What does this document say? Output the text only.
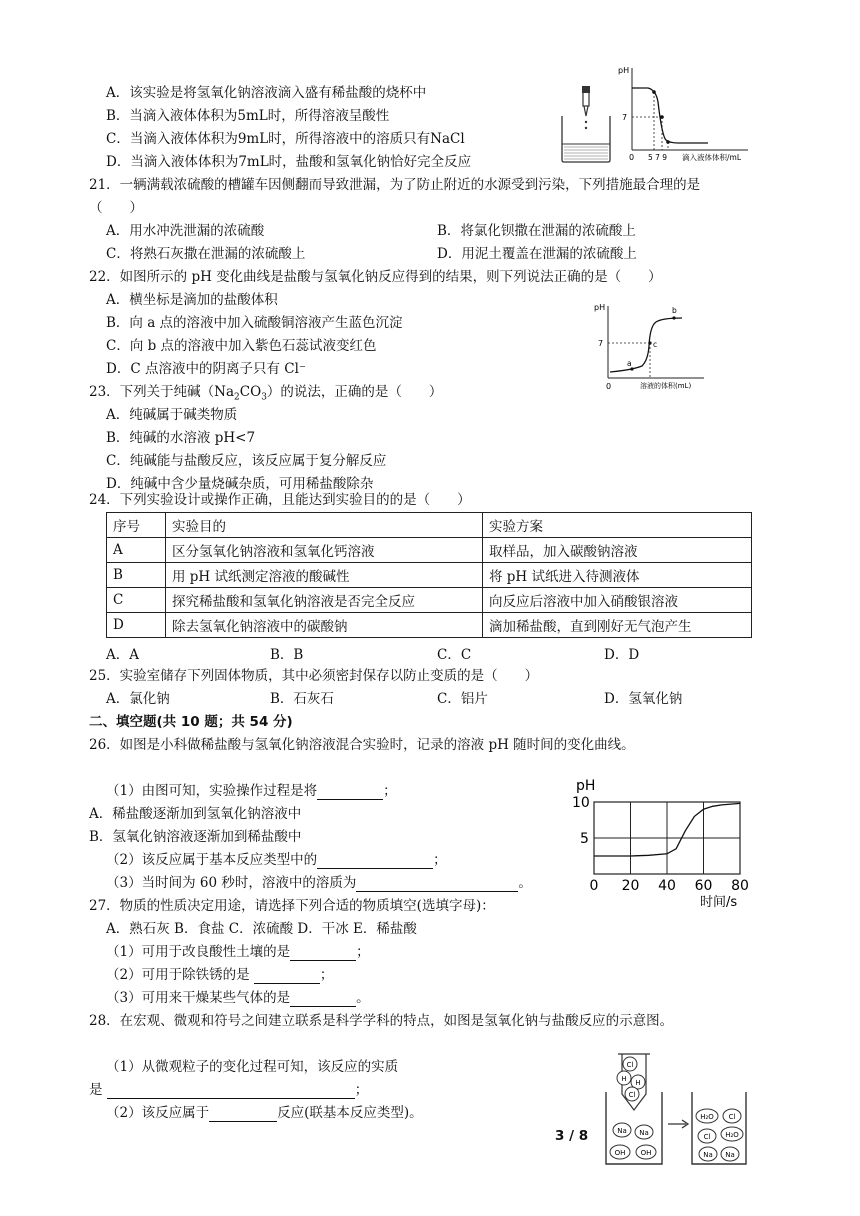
A．该实验是将氢氧化钠溶液滴入盛有稀盐酸的烧杯中
B．当滴入液体体积为5mL时，所得溶液呈酸性
C．当滴入液体体积为9mL时，所得溶液中的溶质只有NaCl
D．当滴入液体体积为7mL时，盐酸和氢氧化钠恰好完全反应
pH
7
0 5 7 9 滴入液体体积/mL
21．一辆满载浓硫酸的槽罐车因侧翻而导致泄漏，为了防止附近的水源受到污染，下列措施最合理的是
（　　）
A．用水冲洗泄漏的浓硫酸	B．将氯化钡撒在泄漏的浓硫酸上
C．将熟石灰撒在泄漏的浓硫酸上	D．用泥土覆盖在泄漏的浓硫酸上
22．如图所示的 pH 变化曲线是盐酸与氢氧化钠反应得到的结果，则下列说法正确的是（　　）
A．横坐标是滴加的盐酸体积
B．向 a 点的溶液中加入硫酸铜溶液产生蓝色沉淀
C．向 b 点的溶液中加入紫色石蕊试液变红色
D．C 点溶液中的阴离子只有 Cl⁻
pH
7
0	溶液的体积(mL)
a
c
b
23．下列关于纯碱$(Na_2CO_3)$的说法，正确的是（　　）
A．纯碱属于碱类物质
B．纯碱的水溶液 pH<7
C．纯碱能与盐酸反应，该反应属于复分解反应
D．纯碱中含少量烧碱杂质，可用稀盐酸除杂
24．下列实验设计或操作正确，且能达到实验目的的是（　　）
序号	实验目的	实验方案
A	区分氢氧化钠溶液和氢氧化钙溶液	取样品，加入碳酸钠溶液
B	用 pH 试纸测定溶液的酸碱性	将 pH 试纸进入待测液体
C	探究稀盐酸和氢氧化钠溶液是否完全反应	向反应后溶液中加入硝酸银溶液
D	除去氢氧化钠溶液中的碳酸钠	滴加稀盐酸，直到刚好无气泡产生
A．A	B．B	C．C	D．D
25．实验室储存下列固体物质，其中必须密封保存以防止变质的是（　　）
A．氯化钠	B．石灰石	C．铝片	D．氢氧化钠
二、填空题(共 10 题；共 54 分)
26．如图是小科做稀盐酸与氢氧化钠溶液混合实验时，记录的溶液 pH 随时间的变化曲线。
（1）由图可知，实验操作过程是将	；
A．稀盐酸逐渐加到氢氧化钠溶液中
B．氢氧化钠溶液逐渐加到稀盐酸中
（2）该反应属于基本反应类型中的	；
（3）当时间为 60 秒时，溶液中的溶质为	。
pH
10
5
0 20 40 60 80
时间/s
27．物质的性质决定用途，请选择下列合适的物质填空(选填字母)：
A．熟石灰 B．食盐 C．浓硫酸 D．干冰 E．稀盐酸
（1）可用于改良酸性土壤的是	；
（2）可用于除铁锈的是	；
（3）可用来干燥某些气体的是	。
28．在宏观、微观和符号之间建立联系是科学学科的特点，如图是氢氧化钠与盐酸反应的示意图。
（1）从微观粒子的变化过程可知，该反应的实质
是	；
（2）该反应属于	反应(联基本反应类型)。
Cl
H H
Cl
Na Na
OH OH
H₂O Cl
H₂O
Cl
Na Na
3 / 8
